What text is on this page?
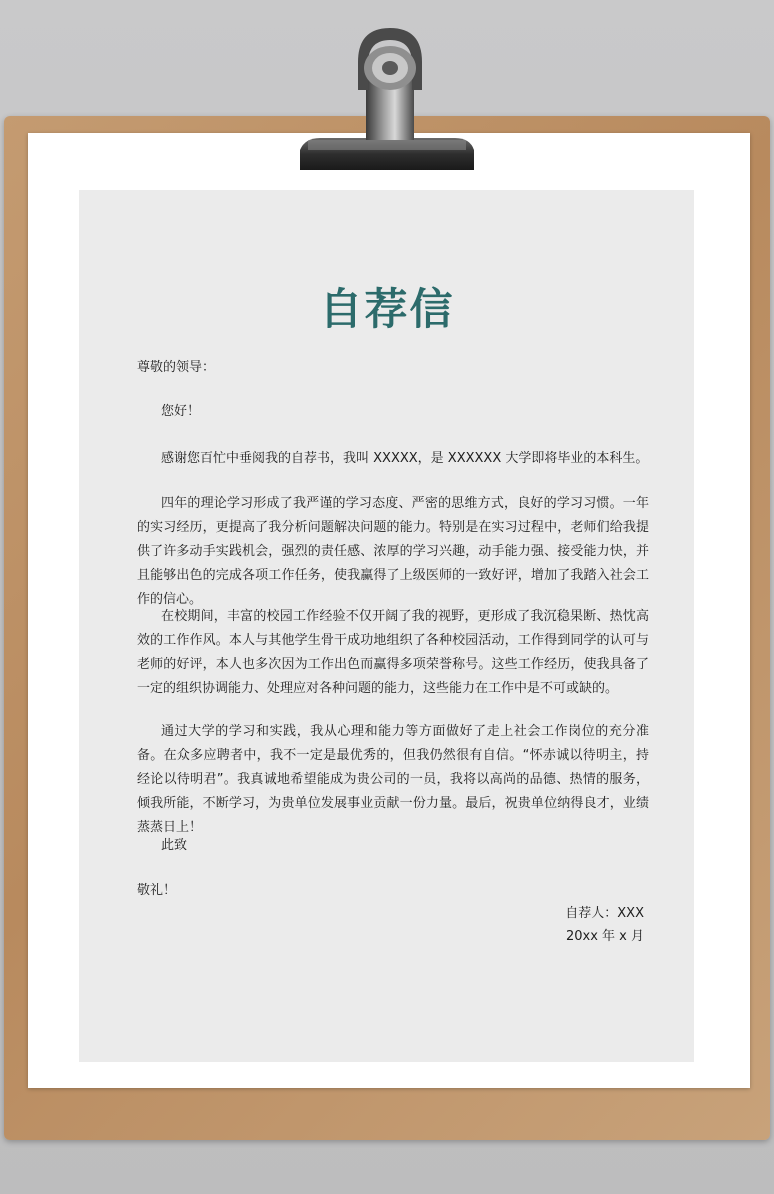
自荐信
尊敬的领导：
您好！
感谢您百忙中垂阅我的自荐书，我叫 XXXXX，是 XXXXXX 大学即将毕业的本科生。
四年的理论学习形成了我严谨的学习态度、严密的思维方式，良好的学习习惯。一年的实习经历，更提高了我分析问题解决问题的能力。特别是在实习过程中，老师们给我提供了许多动手实践机会，强烈的责任感、浓厚的学习兴趣，动手能力强、接受能力快，并且能够出色的完成各项工作任务，使我赢得了上级医师的一致好评，增加了我踏入社会工作的信心。
在校期间，丰富的校园工作经验不仅开阔了我的视野，更形成了我沉稳果断、热忱高效的工作作风。本人与其他学生骨干成功地组织了各种校园活动，工作得到同学的认可与老师的好评，本人也多次因为工作出色而赢得多项荣誉称号。这些工作经历，使我具备了一定的组织协调能力、处理应对各种问题的能力，这些能力在工作中是不可或缺的。
通过大学的学习和实践，我从心理和能力等方面做好了走上社会工作岗位的充分准备。在众多应聘者中，我不一定是最优秀的，但我仍然很有自信。“怀赤诚以待明主，持经论以待明君”。我真诚地希望能成为贵公司的一员，我将以高尚的品德、热情的服务，倾我所能，不断学习，为贵单位发展事业贡献一份力量。最后，祝贵单位纳得良才，业绩蒸蒸日上！
此致
敬礼！
自荐人：XXX
20xx 年 x 月
